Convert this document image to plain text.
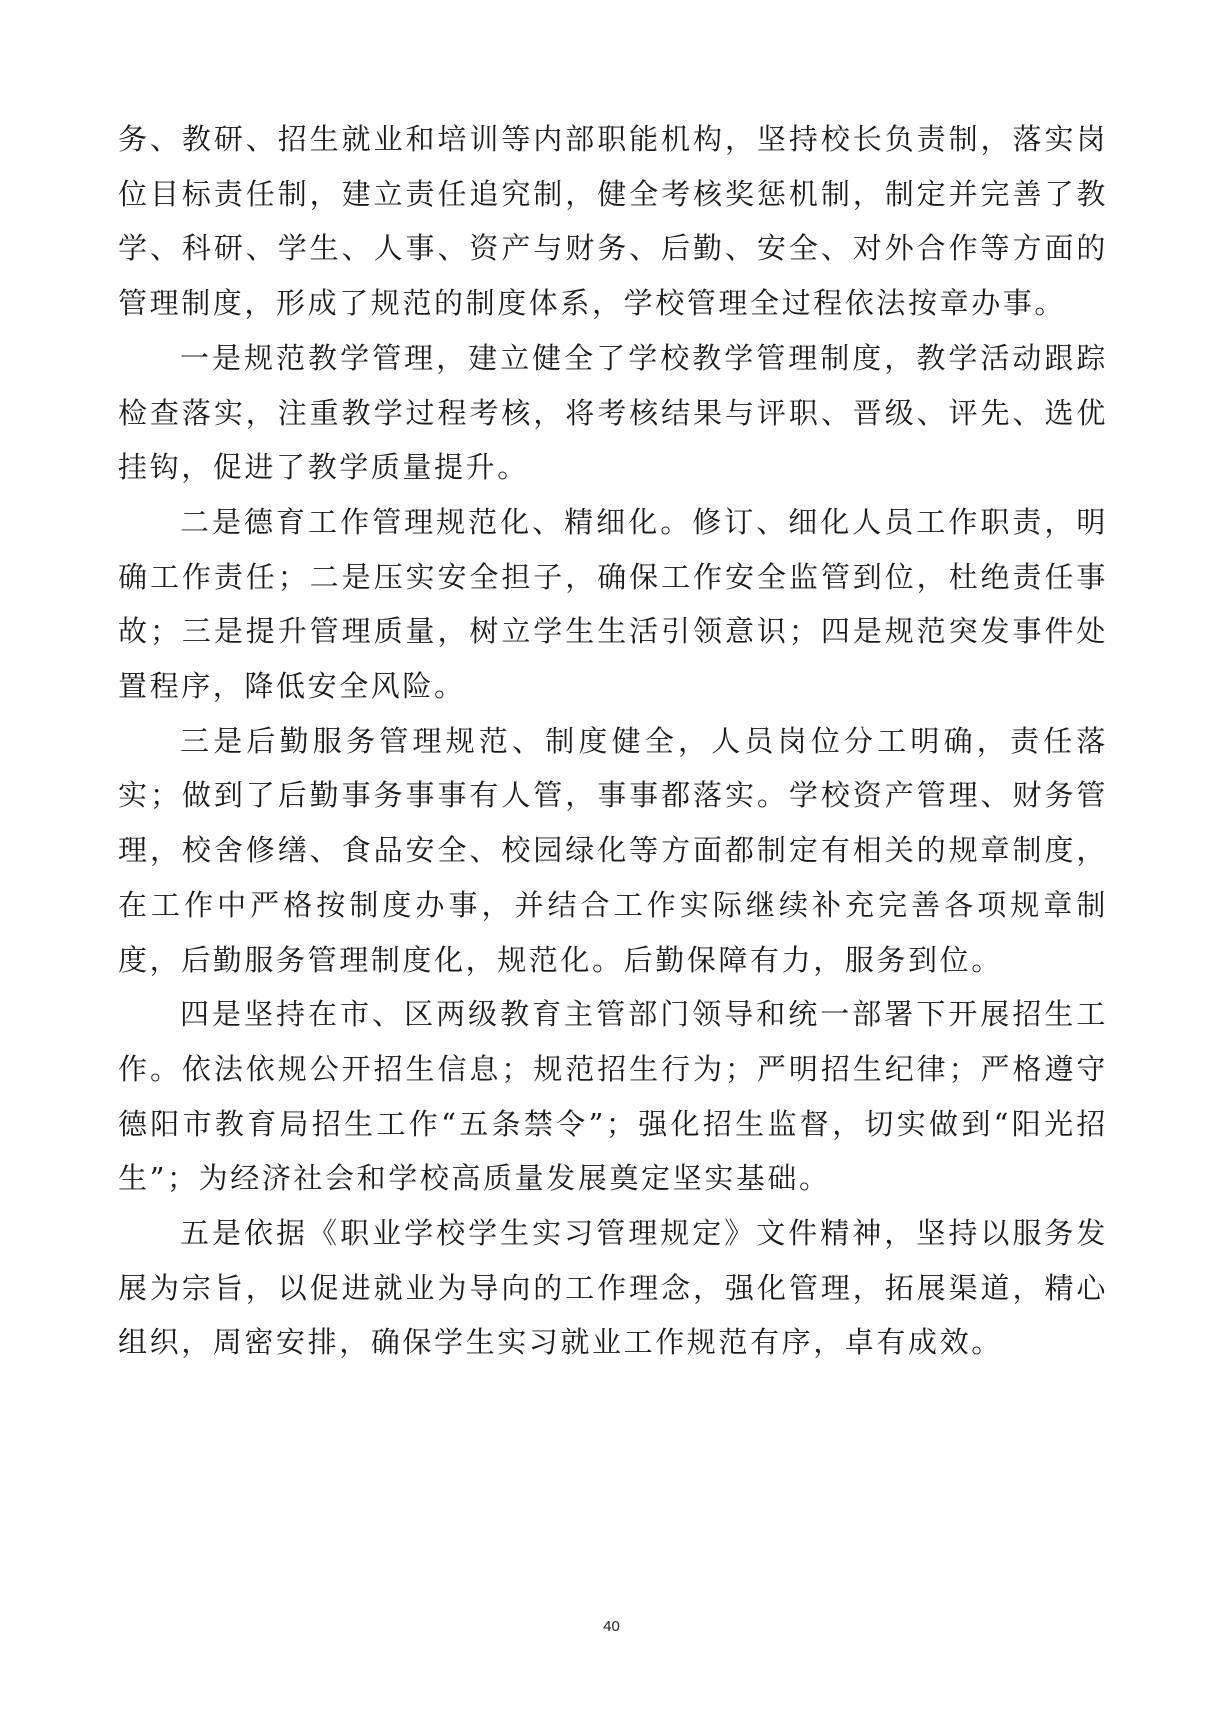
务、教研、招生就业和培训等内部职能机构，坚持校长负责制，落实岗位目标责任制，建立责任追究制，健全考核奖惩机制，制定并完善了教学、科研、学生、人事、资产与财务、后勤、安全、对外合作等方面的管理制度，形成了规范的制度体系，学校管理全过程依法按章办事。

一是规范教学管理，建立健全了学校教学管理制度，教学活动跟踪检查落实，注重教学过程考核，将考核结果与评职、晋级、评先、选优挂钩，促进了教学质量提升。

二是德育工作管理规范化、精细化。修订、细化人员工作职责，明确工作责任；二是压实安全担子，确保工作安全监管到位，杜绝责任事故；三是提升管理质量，树立学生生活引领意识；四是规范突发事件处置程序，降低安全风险。

三是后勤服务管理规范、制度健全，人员岗位分工明确，责任落实；做到了后勤事务事事有人管，事事都落实。学校资产管理、财务管理，校舍修缮、食品安全、校园绿化等方面都制定有相关的规章制度，在工作中严格按制度办事，并结合工作实际继续补充完善各项规章制度，后勤服务管理制度化，规范化。后勤保障有力，服务到位。

四是坚持在市、区两级教育主管部门领导和统一部署下开展招生工作。依法依规公开招生信息；规范招生行为；严明招生纪律；严格遵守德阳市教育局招生工作“五条禁令”；强化招生监督，切实做到“阳光招生”；为经济社会和学校高质量发展奠定坚实基础。

五是依据《职业学校学生实习管理规定》文件精神，坚持以服务发展为宗旨，以促进就业为导向的工作理念，强化管理，拓展渠道，精心组织，周密安排，确保学生实习就业工作规范有序，卓有成效。

40
